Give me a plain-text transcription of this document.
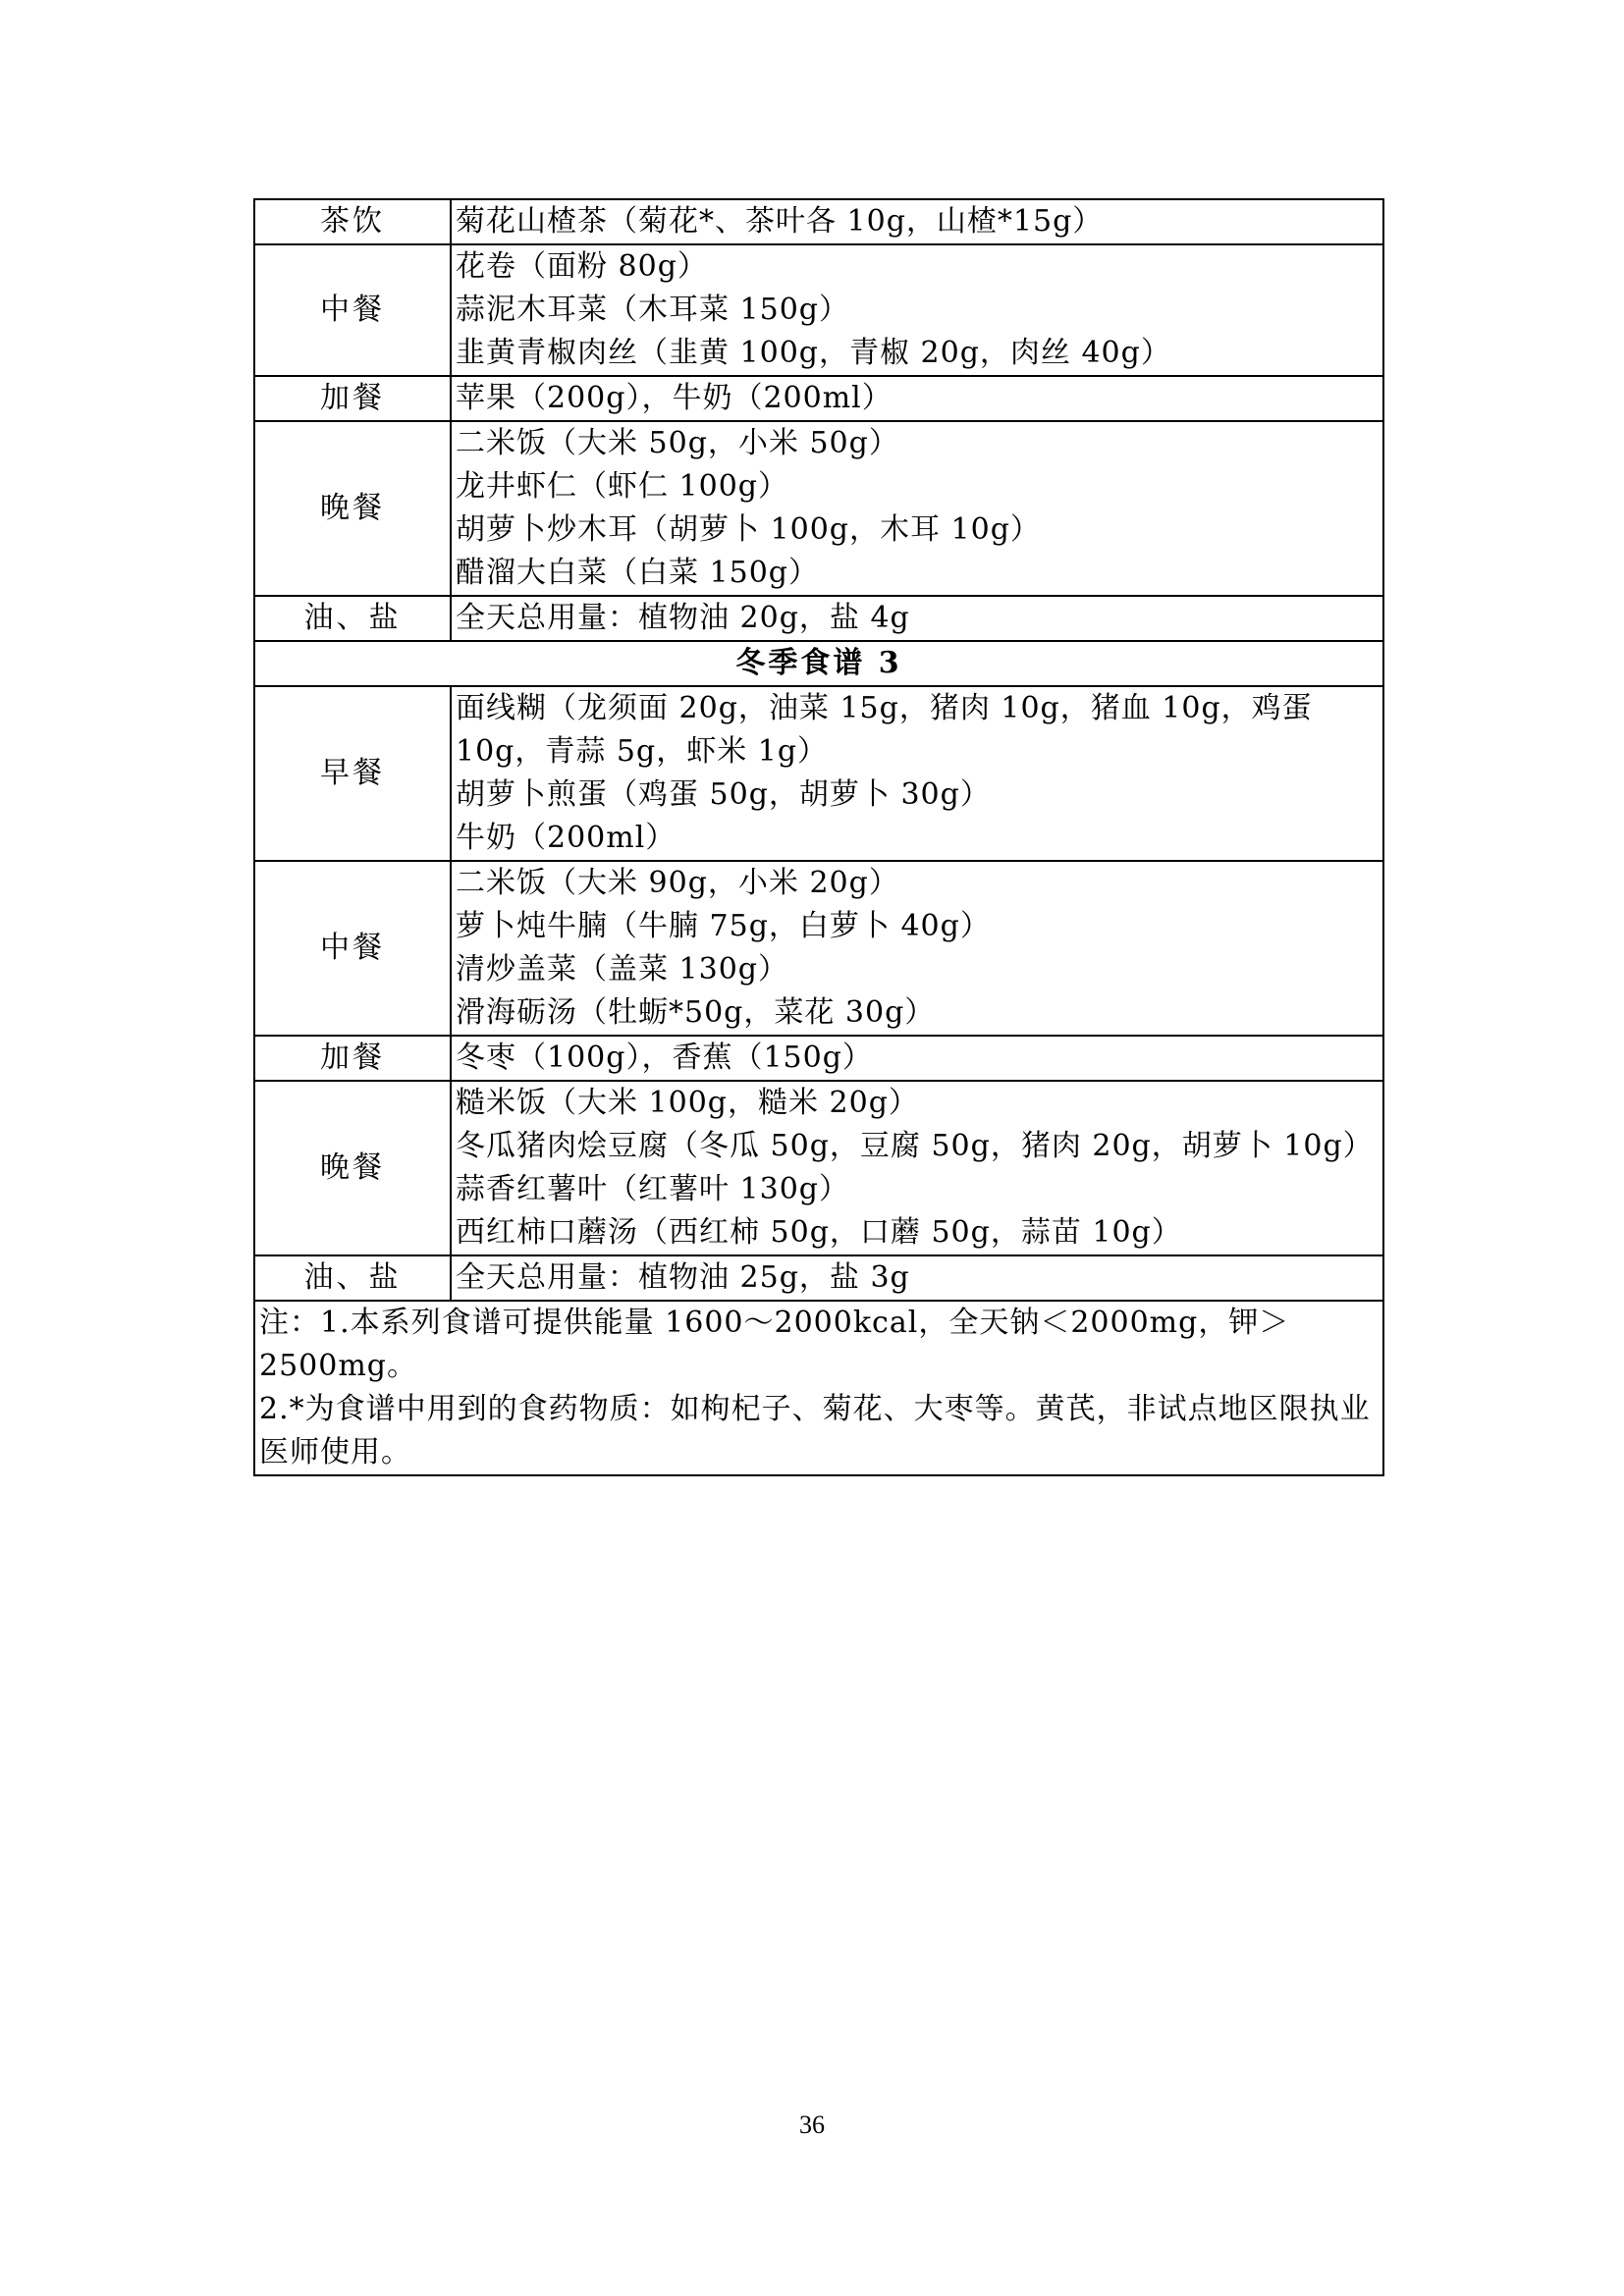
茶饮	菊花山楂茶（菊花*、茶叶各 10g，山楂*15g）

中餐	花卷（面粉 80g）
蒜泥木耳菜（木耳菜 150g）
韭黄青椒肉丝（韭黄 100g，青椒 20g，肉丝 40g）

加餐	苹果（200g），牛奶（200ml）

晚餐	二米饭（大米 50g，小米 50g）
龙井虾仁（虾仁 100g）
胡萝卜炒木耳（胡萝卜 100g，木耳 10g）
醋溜大白菜（白菜 150g）

油、盐	全天总用量：植物油 20g，盐 4g

冬季食谱 3	
早餐	面线糊（龙须面 20g，油菜 15g，猪肉 10g，猪血 10g，鸡蛋 10g，青蒜 5g，虾米 1g）
胡萝卜煎蛋（鸡蛋 50g，胡萝卜 30g）
牛奶（200ml）

中餐	二米饭（大米 90g，小米 20g）
萝卜炖牛腩（牛腩 75g，白萝卜 40g）
清炒盖菜（盖菜 130g）
滑海砺汤（牡蛎*50g，菜花 30g）

加餐	冬枣（100g），香蕉（150g）

晚餐	糙米饭（大米 100g，糙米 20g）
冬瓜猪肉烩豆腐（冬瓜 50g，豆腐 50g，猪肉 20g，胡萝卜 10g）
蒜香红薯叶（红薯叶 130g）
西红柿口蘑汤（西红柿 50g，口蘑 50g，蒜苗 10g）

油、盐	全天总用量：植物油 25g，盐 3g

注：1.本系列食谱可提供能量 1600～2000kcal，全天钠＜2000mg，钾＞2500mg。
2.*为食谱中用到的食药物质：如枸杞子、菊花、大枣等。黄芪，非试点地区限执业医师使用。	
36
